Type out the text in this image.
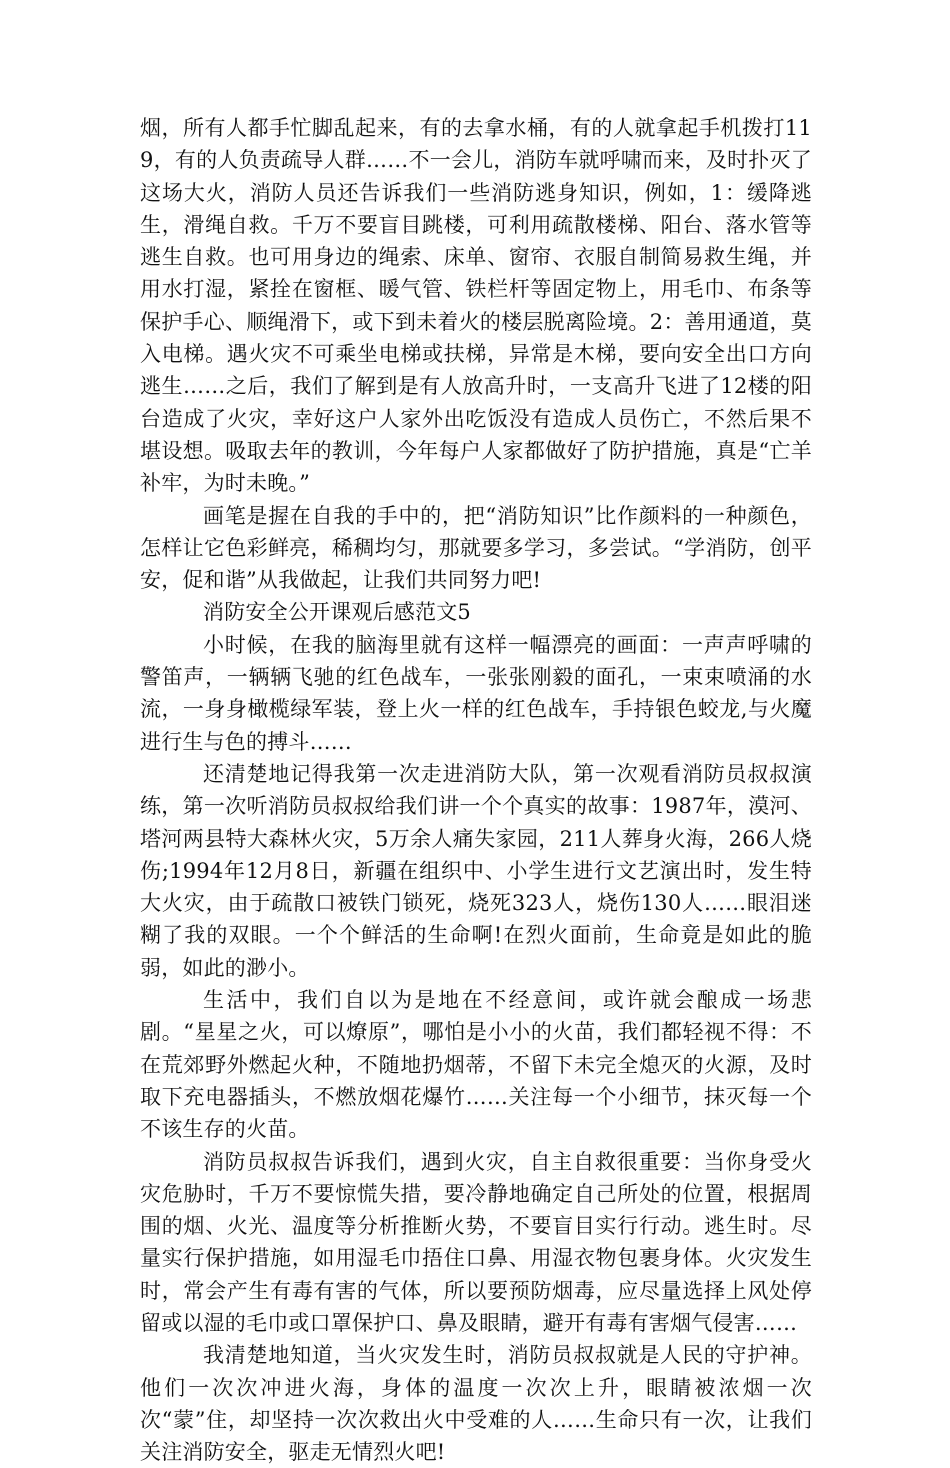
烟，所有人都手忙脚乱起来，有的去拿水桶，有的人就拿起手机拨打119，有的人负责疏导人群……不一会儿，消防车就呼啸而来，及时扑灭了这场大火，消防人员还告诉我们一些消防逃身知识，例如，1：缓降逃生，滑绳自救。千万不要盲目跳楼，可利用疏散楼梯、阳台、落水管等逃生自救。也可用身边的绳索、床单、窗帘、衣服自制简易救生绳，并用水打湿，紧拴在窗框、暖气管、铁栏杆等固定物上，用毛巾、布条等保护手心、顺绳滑下，或下到未着火的楼层脱离险境。2：善用通道，莫入电梯。遇火灾不可乘坐电梯或扶梯，异常是木梯，要向安全出口方向逃生……之后，我们了解到是有人放高升时，一支高升飞进了12楼的阳台造成了火灾，幸好这户人家外出吃饭没有造成人员伤亡，不然后果不堪设想。吸取去年的教训，今年每户人家都做好了防护措施，真是“亡羊补牢，为时未晚。”

画笔是握在自我的手中的，把“消防知识”比作颜料的一种颜色，怎样让它色彩鲜亮，稀稠均匀，那就要多学习，多尝试。“学消防，创平安，促和谐”从我做起，让我们共同努力吧!

消防安全公开课观后感范文5

小时候，在我的脑海里就有这样一幅漂亮的画面：一声声呼啸的警笛声，一辆辆飞驰的红色战车，一张张刚毅的面孔，一束束喷涌的水流，一身身橄榄绿军装，登上火一样的红色战车，手持银色蛟龙,与火魔进行生与色的搏斗……

还清楚地记得我第一次走进消防大队，第一次观看消防员叔叔演练，第一次听消防员叔叔给我们讲一个个真实的故事：1987年，漠河、塔河两县特大森林火灾，5万余人痛失家园，211人葬身火海，266人烧伤;1994年12月8日，新疆在组织中、小学生进行文艺演出时，发生特大火灾，由于疏散口被铁门锁死，烧死323人，烧伤130人……眼泪迷糊了我的双眼。一个个鲜活的生命啊!在烈火面前，生命竟是如此的脆弱，如此的渺小。

生活中，我们自以为是地在不经意间，或许就会酿成一场悲剧。“星星之火，可以燎原”，哪怕是小小的火苗，我们都轻视不得：不在荒郊野外燃起火种，不随地扔烟蒂，不留下未完全熄灭的火源，及时取下充电器插头，不燃放烟花爆竹……关注每一个小细节，抹灭每一个不该生存的火苗。

消防员叔叔告诉我们，遇到火灾，自主自救很重要：当你身受火灾危胁时，千万不要惊慌失措，要冷静地确定自己所处的位置，根据周围的烟、火光、温度等分析推断火势，不要盲目实行行动。逃生时。尽量实行保护措施，如用湿毛巾捂住口鼻、用湿衣物包裹身体。火灾发生时，常会产生有毒有害的气体，所以要预防烟毒，应尽量选择上风处停留或以湿的毛巾或口罩保护口、鼻及眼睛，避开有毒有害烟气侵害……

我清楚地知道，当火灾发生时，消防员叔叔就是人民的守护神。他们一次次冲进火海，身体的温度一次次上升，眼睛被浓烟一次次“蒙”住，却坚持一次次救出火中受难的人……生命只有一次，让我们关注消防安全，驱走无情烈火吧!
